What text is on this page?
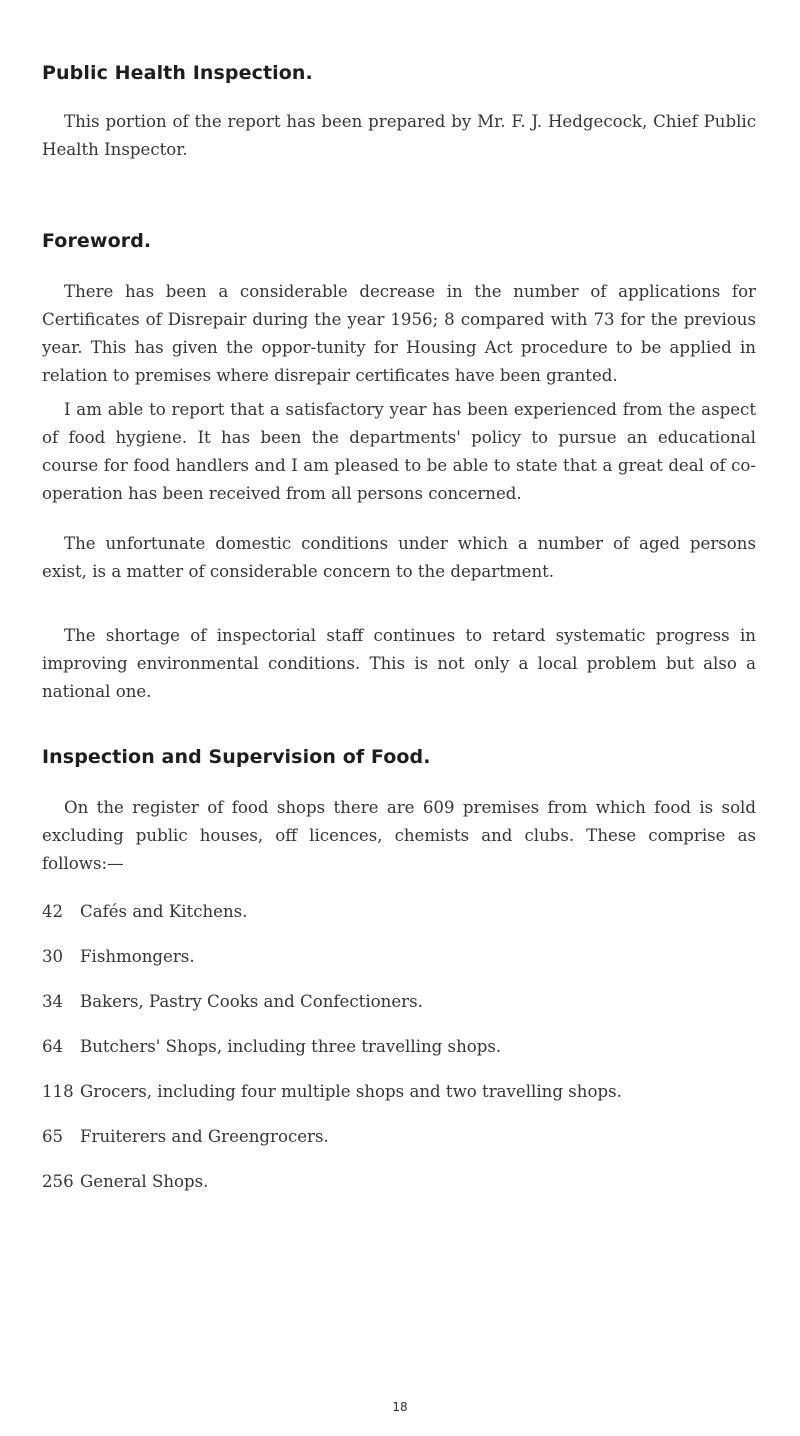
Public Health Inspection.

This portion of the report has been prepared by Mr. F. J. Hedgecock, Chief Public Health Inspector.

Foreword.

There has been a considerable decrease in the number of applications for Certificates of Disrepair during the year 1956; 8 compared with 73 for the previous year. This has given the oppor-tunity for Housing Act procedure to be applied in relation to premises where disrepair certificates have been granted.

I am able to report that a satisfactory year has been experienced from the aspect of food hygiene. It has been the departments' policy to pursue an educational course for food handlers and I am pleased to be able to state that a great deal of co-operation has been received from all persons concerned.

The unfortunate domestic conditions under which a number of aged persons exist, is a matter of considerable concern to the department.

The shortage of inspectorial staff continues to retard systematic progress in improving environmental conditions. This is not only a local problem but also a national one.

Inspection and Supervision of Food.

On the register of food shops there are 609 premises from which food is sold excluding public houses, off licences, chemists and clubs. These comprise as follows:—

42	Cafés and Kitchens.
30	Fishmongers.
34	Bakers, Pastry Cooks and Confectioners.
64	Butchers' Shops, including three travelling shops.
118 Grocers, including four multiple shops and two travelling shops.
65	Fruiterers and Greengrocers.
256 General Shops.
18
